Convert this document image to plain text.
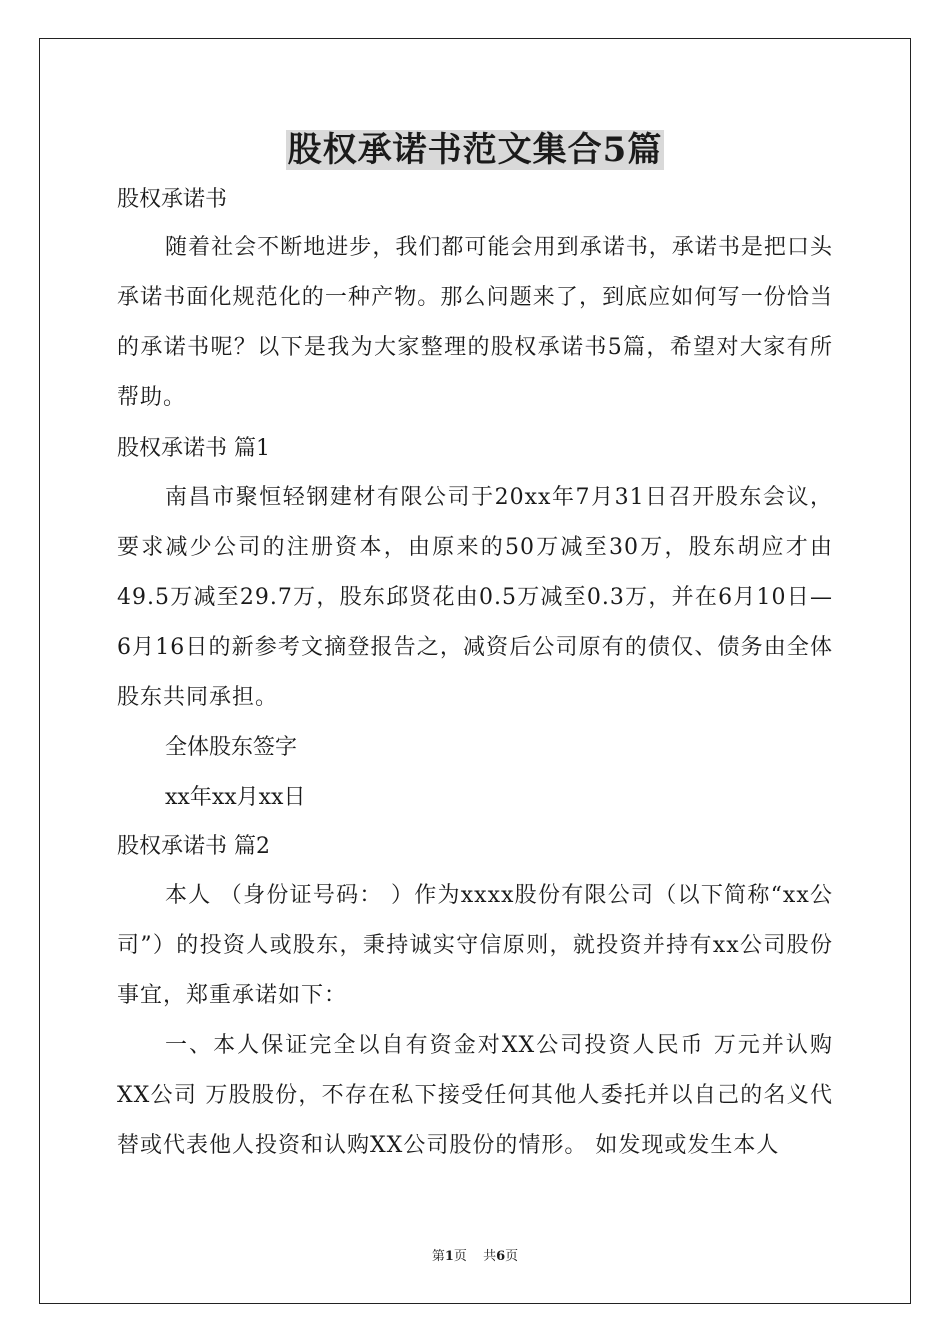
股权承诺书范文集合5篇
股权承诺书
随着社会不断地进步，我们都可能会用到承诺书，承诺书是把口头承诺书面化规范化的一种产物。那么问题来了，到底应如何写一份恰当的承诺书呢？以下是我为大家整理的股权承诺书5篇，希望对大家有所帮助。
股权承诺书 篇1
南昌市聚恒轻钢建材有限公司于20xx年7月31日召开股东会议，要求减少公司的注册资本，由原来的50万减至30万，股东胡应才由49.5万减至29.7万，股东邱贤花由0.5万减至0.3万，并在6月10日—6月16日的新参考文摘登报告之，减资后公司原有的债仅、债务由全体股东共同承担。
全体股东签字
xx年xx月xx日
股权承诺书 篇2
本人 （身份证号码： ）作为xxxx股份有限公司（以下简称“xx公司”）的投资人或股东，秉持诚实守信原则，就投资并持有xx公司股份事宜，郑重承诺如下：
一、本人保证完全以自有资金对XX公司投资人民币 万元并认购XX公司 万股股份，不存在私下接受任何其他人委托并以自己的名义代替或代表他人投资和认购XX公司股份的情形。 如发现或发生本人
第1页 共6页
